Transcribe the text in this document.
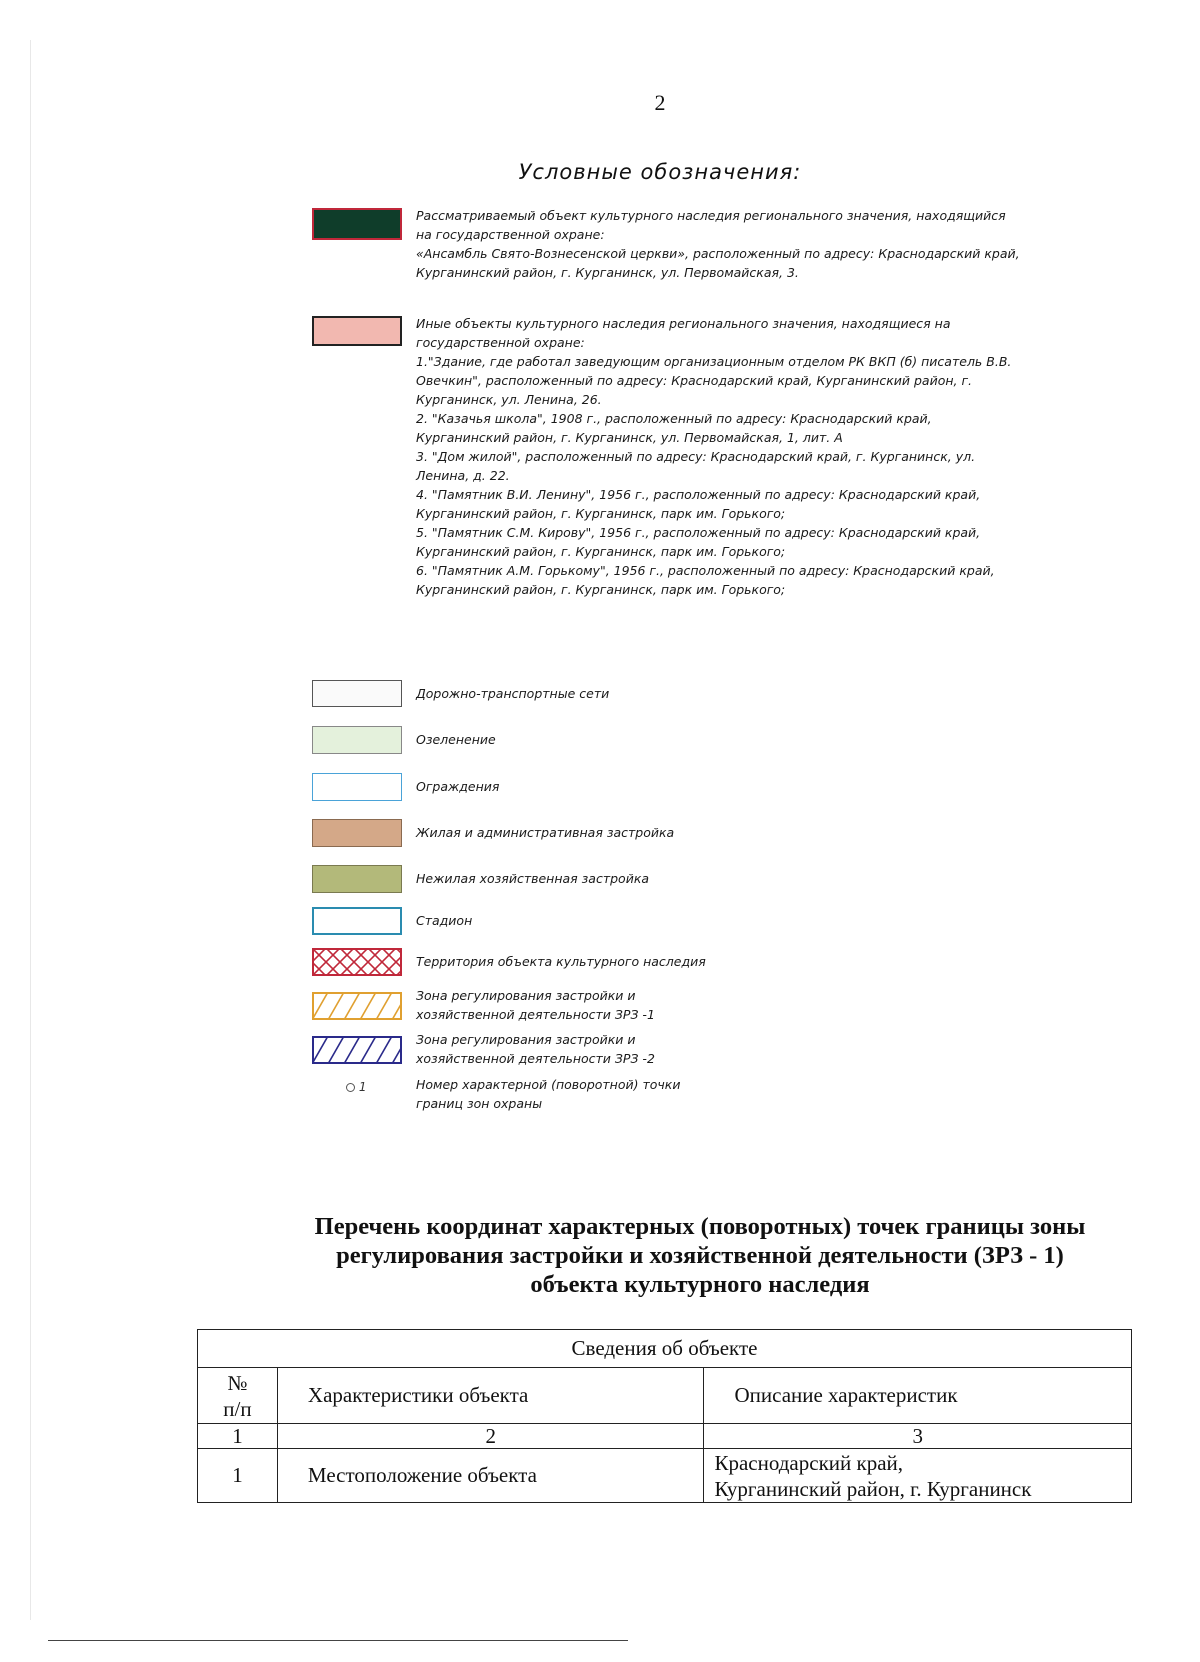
2
Условные обозначения:
Рассматриваемый объект культурного наследия регионального значения, находящийся
на государственной охране:
«Ансамбль Свято-Вознесенской церкви», расположенный по адресу: Краснодарский край,
Курганинский район, г. Курганинск, ул. Первомайская, 3.
Иные объекты культурного наследия регионального значения, находящиеся на
государственной охране:
1."Здание, где работал заведующим организационным отделом РК ВКП (б) писатель В.В.
Овечкин", расположенный по адресу: Краснодарский край, Курганинский район, г.
Курганинск, ул. Ленина, 26.
2. "Казачья школа", 1908 г., расположенный по адресу: Краснодарский край,
Курганинский район, г. Курганинск, ул. Первомайская, 1, лит. А
3. "Дом жилой", расположенный по адресу: Краснодарский край, г. Курганинск, ул.
Ленина, д. 22.
4. "Памятник В.И. Ленину", 1956 г., расположенный по адресу: Краснодарский край,
Курганинский район, г. Курганинск, парк им. Горького;
5. "Памятник С.М. Кирову", 1956 г., расположенный по адресу: Краснодарский край,
Курганинский район, г. Курганинск, парк им. Горького;
6. "Памятник А.М. Горькому", 1956 г., расположенный по адресу: Краснодарский край,
Курганинский район, г. Курганинск, парк им. Горького;
Дорожно-транспортные сети
Озеленение
Ограждения
Жилая и административная застройка
Нежилая хозяйственная застройка
Стадион
Территория объекта культурного наследия
Зона регулирования застройки и
хозяйственной деятельности ЗРЗ -1
Зона регулирования застройки и
хозяйственной деятельности ЗРЗ -2
1	Номер характерной (поворотной) точки
границ зон охраны
Перечень координат характерных (поворотных) точек границы зоны
регулирования застройки и хозяйственной деятельности (ЗРЗ - 1)
объекта культурного наследия
Сведения об объекте		

№
п/п	Характеристики объекта	Описание характеристик
1	2	3
1	Местоположение объекта	Краснодарский край,
Курганинский район, г. Курганинск
